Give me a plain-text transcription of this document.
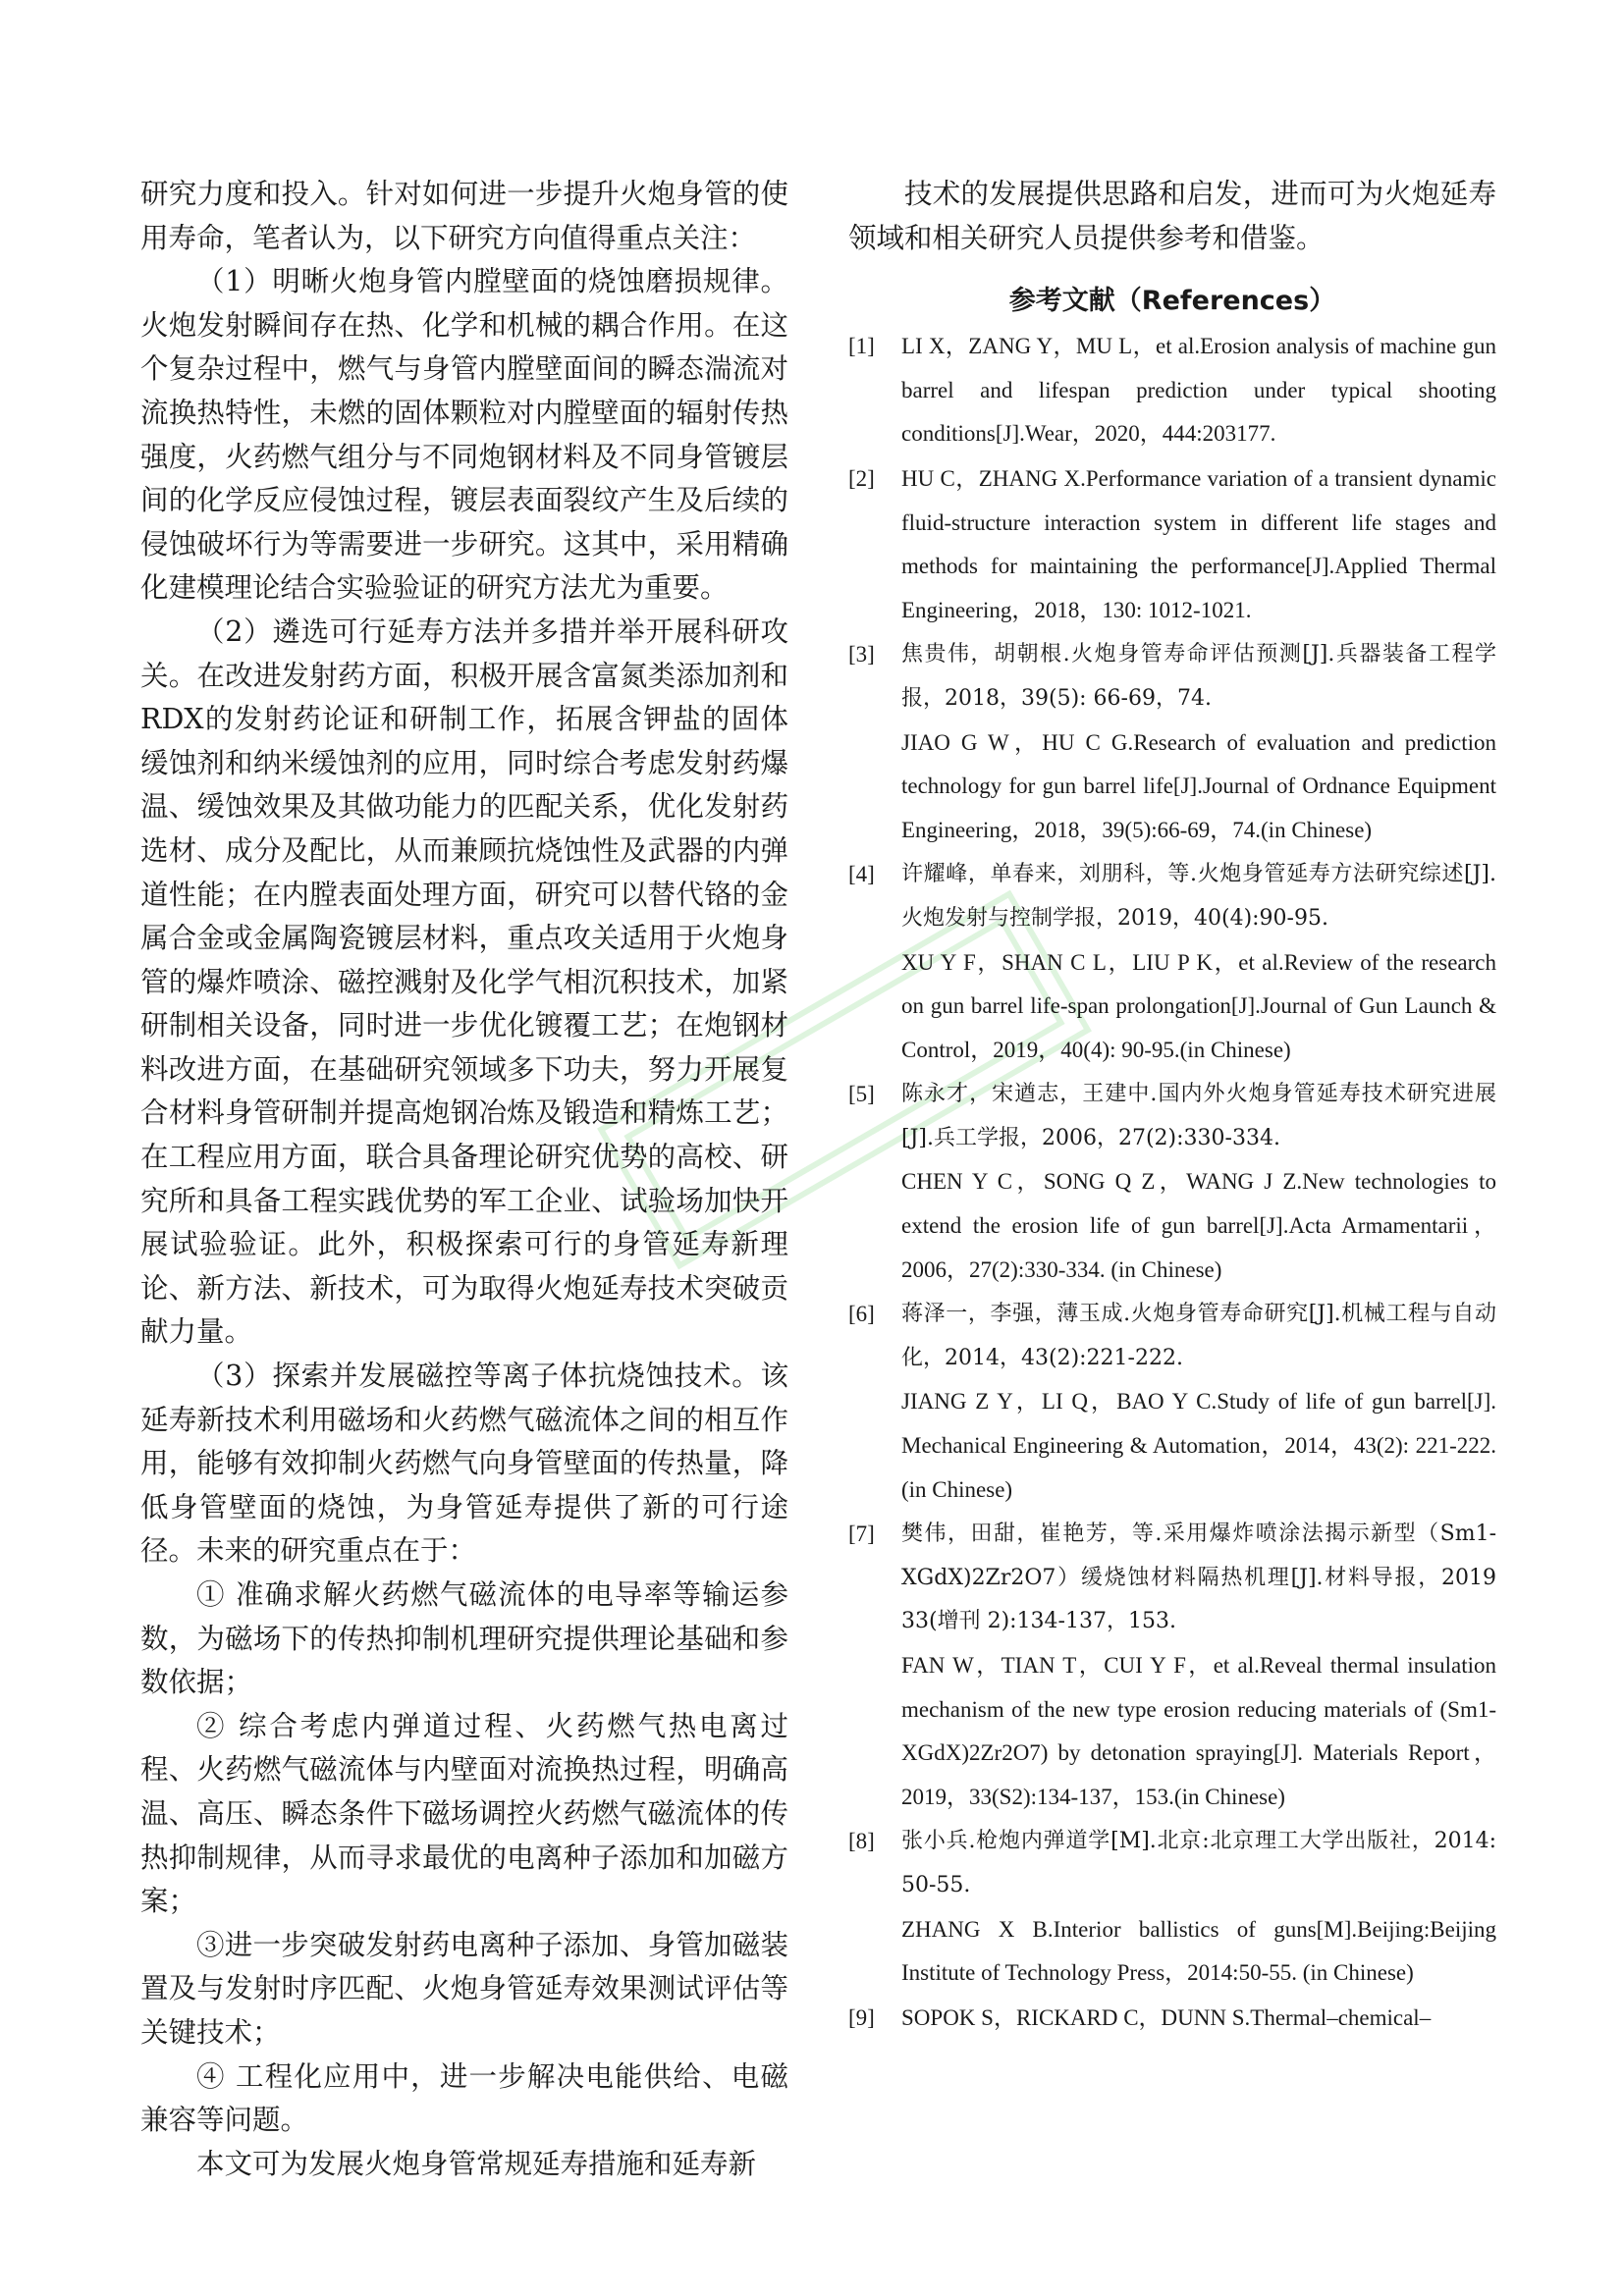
研究力度和投入。针对如何进一步提升火炮身管的使用寿命，笔者认为，以下研究方向值得重点关注：

（1）明晰火炮身管内膛壁面的烧蚀磨损规律。火炮发射瞬间存在热、化学和机械的耦合作用。在这个复杂过程中，燃气与身管内膛壁面间的瞬态湍流对流换热特性，未燃的固体颗粒对内膛壁面的辐射传热强度，火药燃气组分与不同炮钢材料及不同身管镀层间的化学反应侵蚀过程，镀层表面裂纹产生及后续的侵蚀破坏行为等需要进一步研究。这其中，采用精确化建模理论结合实验验证的研究方法尤为重要。

（2）遴选可行延寿方法并多措并举开展科研攻关。在改进发射药方面，积极开展含富氮类添加剂和RDX的发射药论证和研制工作，拓展含钾盐的固体缓蚀剂和纳米缓蚀剂的应用，同时综合考虑发射药爆温、缓蚀效果及其做功能力的匹配关系，优化发射药选材、成分及配比，从而兼顾抗烧蚀性及武器的内弹道性能；在内膛表面处理方面，研究可以替代铬的金属合金或金属陶瓷镀层材料，重点攻关适用于火炮身管的爆炸喷涂、磁控溅射及化学气相沉积技术，加紧研制相关设备，同时进一步优化镀覆工艺；在炮钢材料改进方面，在基础研究领域多下功夫，努力开展复合材料身管研制并提高炮钢冶炼及锻造和精炼工艺；在工程应用方面，联合具备理论研究优势的高校、研究所和具备工程实践优势的军工企业、试验场加快开展试验验证。此外，积极探索可行的身管延寿新理论、新方法、新技术，可为取得火炮延寿技术突破贡献力量。

（3）探索并发展磁控等离子体抗烧蚀技术。该延寿新技术利用磁场和火药燃气磁流体之间的相互作用，能够有效抑制火药燃气向身管壁面的传热量，降低身管壁面的烧蚀，为身管延寿提供了新的可行途径。未来的研究重点在于：

① 准确求解火药燃气磁流体的电导率等输运参数，为磁场下的传热抑制机理研究提供理论基础和参数依据；

② 综合考虑内弹道过程、火药燃气热电离过程、火药燃气磁流体与内壁面对流换热过程，明确高温、高压、瞬态条件下磁场调控火药燃气磁流体的传热抑制规律，从而寻求最优的电离种子添加和加磁方案；

③进一步突破发射药电离种子添加、身管加磁装置及与发射时序匹配、火炮身管延寿效果测试评估等关键技术；

④ 工程化应用中，进一步解决电能供给、电磁兼容等问题。

本文可为发展火炮身管常规延寿措施和延寿新

技术的发展提供思路和启发，进而可为火炮延寿领域和相关研究人员提供参考和借鉴。

参考文献（References）
[1]	LI X，ZANG Y，MU L，et al.Erosion analysis of machine gun barrel and lifespan prediction under typical shooting conditions[J].Wear，2020，444:203177.

[2]	HU C，ZHANG X.Performance variation of a transient dynamic fluid-structure interaction system in different life stages and methods for maintaining the performance[J].Applied Thermal Engineering，2018，130: 1012-1021.

[3]	焦贵伟，胡朝根.火炮身管寿命评估预测[J].兵器装备工程学报，2018，39(5): 66-69，74.

JIAO G W，HU C G.Research of evaluation and prediction technology for gun barrel life[J].Journal of Ordnance Equipment Engineering，2018，39(5):66-69，74.(in Chinese)

[4]	许耀峰，单春来，刘朋科，等.火炮身管延寿方法研究综述[J].火炮发射与控制学报，2019，40(4):90-95.

XU Y F，SHAN C L，LIU P K，et al.Review of the research on gun barrel life-span prolongation[J].Journal of Gun Launch & Control，2019，40(4): 90-95.(in Chinese)

[5]	陈永才，宋遒志，王建中.国内外火炮身管延寿技术研究进展[J].兵工学报，2006，27(2):330-334.

CHEN Y C，SONG Q Z，WANG J Z.New technologies to extend the erosion life of gun barrel[J].Acta Armamentarii，2006，27(2):330-334. (in Chinese)

[6]	蒋泽一，李强，薄玉成.火炮身管寿命研究[J].机械工程与自动化，2014，43(2):221-222.

JIANG Z Y，LI Q，BAO Y C.Study of life of gun barrel[J]. Mechanical Engineering & Automation，2014，43(2): 221-222. (in Chinese)

[7]	樊伟，田甜，崔艳芳，等.采用爆炸喷涂法揭示新型（Sm1-XGdX)2Zr2O7）缓烧蚀材料隔热机理[J].材料导报，2019 33(增刊 2):134-137，153.

FAN W，TIAN T，CUI Y F，et al.Reveal thermal insulation mechanism of the new type erosion reducing materials of (Sm1-XGdX)2Zr2O7) by detonation spraying[J]. Materials Report，2019，33(S2):134-137，153.(in Chinese)

[8]	张小兵.枪炮内弹道学[M].北京:北京理工大学出版社，2014: 50-55.

ZHANG X B.Interior ballistics of guns[M].Beijing:Beijing Institute of Technology Press，2014:50-55. (in Chinese)

[9]	SOPOK S，RICKARD C，DUNN S.Thermal–chemical–
